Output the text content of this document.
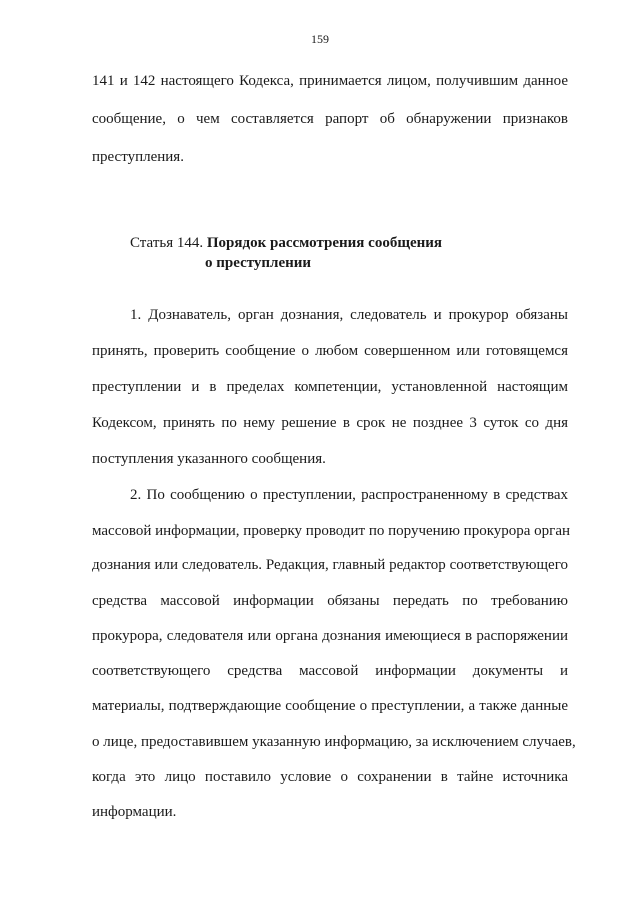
159
141 и 142 настоящего Кодекса, принимается лицом, получившим данное
сообщение, о чем составляется рапорт об обнаружении признаков
преступления.
Статья 144. Порядок рассмотрения сообщения
о преступлении
1. Дознаватель, орган дознания, следователь и прокурор обязаны
принять, проверить сообщение о любом совершенном или готовящемся
преступлении и в пределах компетенции, установленной настоящим
Кодексом, принять по нему решение в срок не позднее 3 суток со дня
поступления указанного сообщения.
2. По сообщению о преступлении, распространенному в средствах
массовой информации, проверку проводит по поручению прокурора орган
дознания или следователь. Редакция, главный редактор соответствующего
средства массовой информации обязаны передать по требованию
прокурора, следователя или органа дознания имеющиеся в распоряжении
соответствующего средства массовой информации документы и
материалы, подтверждающие сообщение о преступлении, а также данные
о лице, предоставившем указанную информацию, за исключением случаев,
когда это лицо поставило условие о сохранении в тайне источника
информации.
